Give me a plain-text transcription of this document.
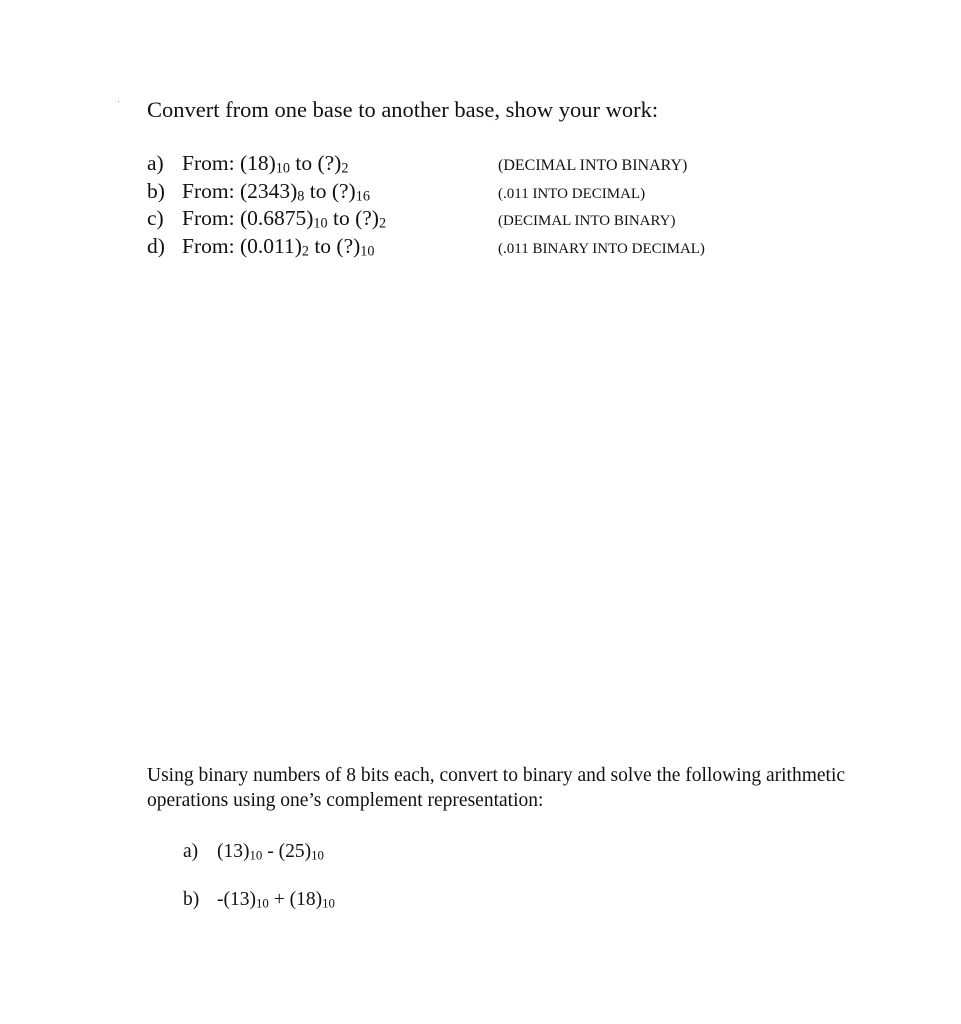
Convert from one base to another base, show your work:
a) From: $(18)_{10}$ to $(?)_2$	(DECIMAL INTO BINARY)
b) From: $(2343)_8$ to $(?)_{16}$	(.011 INTO DECIMAL)
c) From: $(0.6875)_{10}$ to $(?)_2$	(DECIMAL INTO BINARY)
d) From: $(0.011)_2$ to $(?)_{10}$	(.011 BINARY INTO DECIMAL)
Using binary numbers of 8 bits each, convert to binary and solve the following arithmetic operations using one’s complement representation:
a) $(13)_{10} - (25)_{10}$
b) $-(13)_{10} + (18)_{10}$
